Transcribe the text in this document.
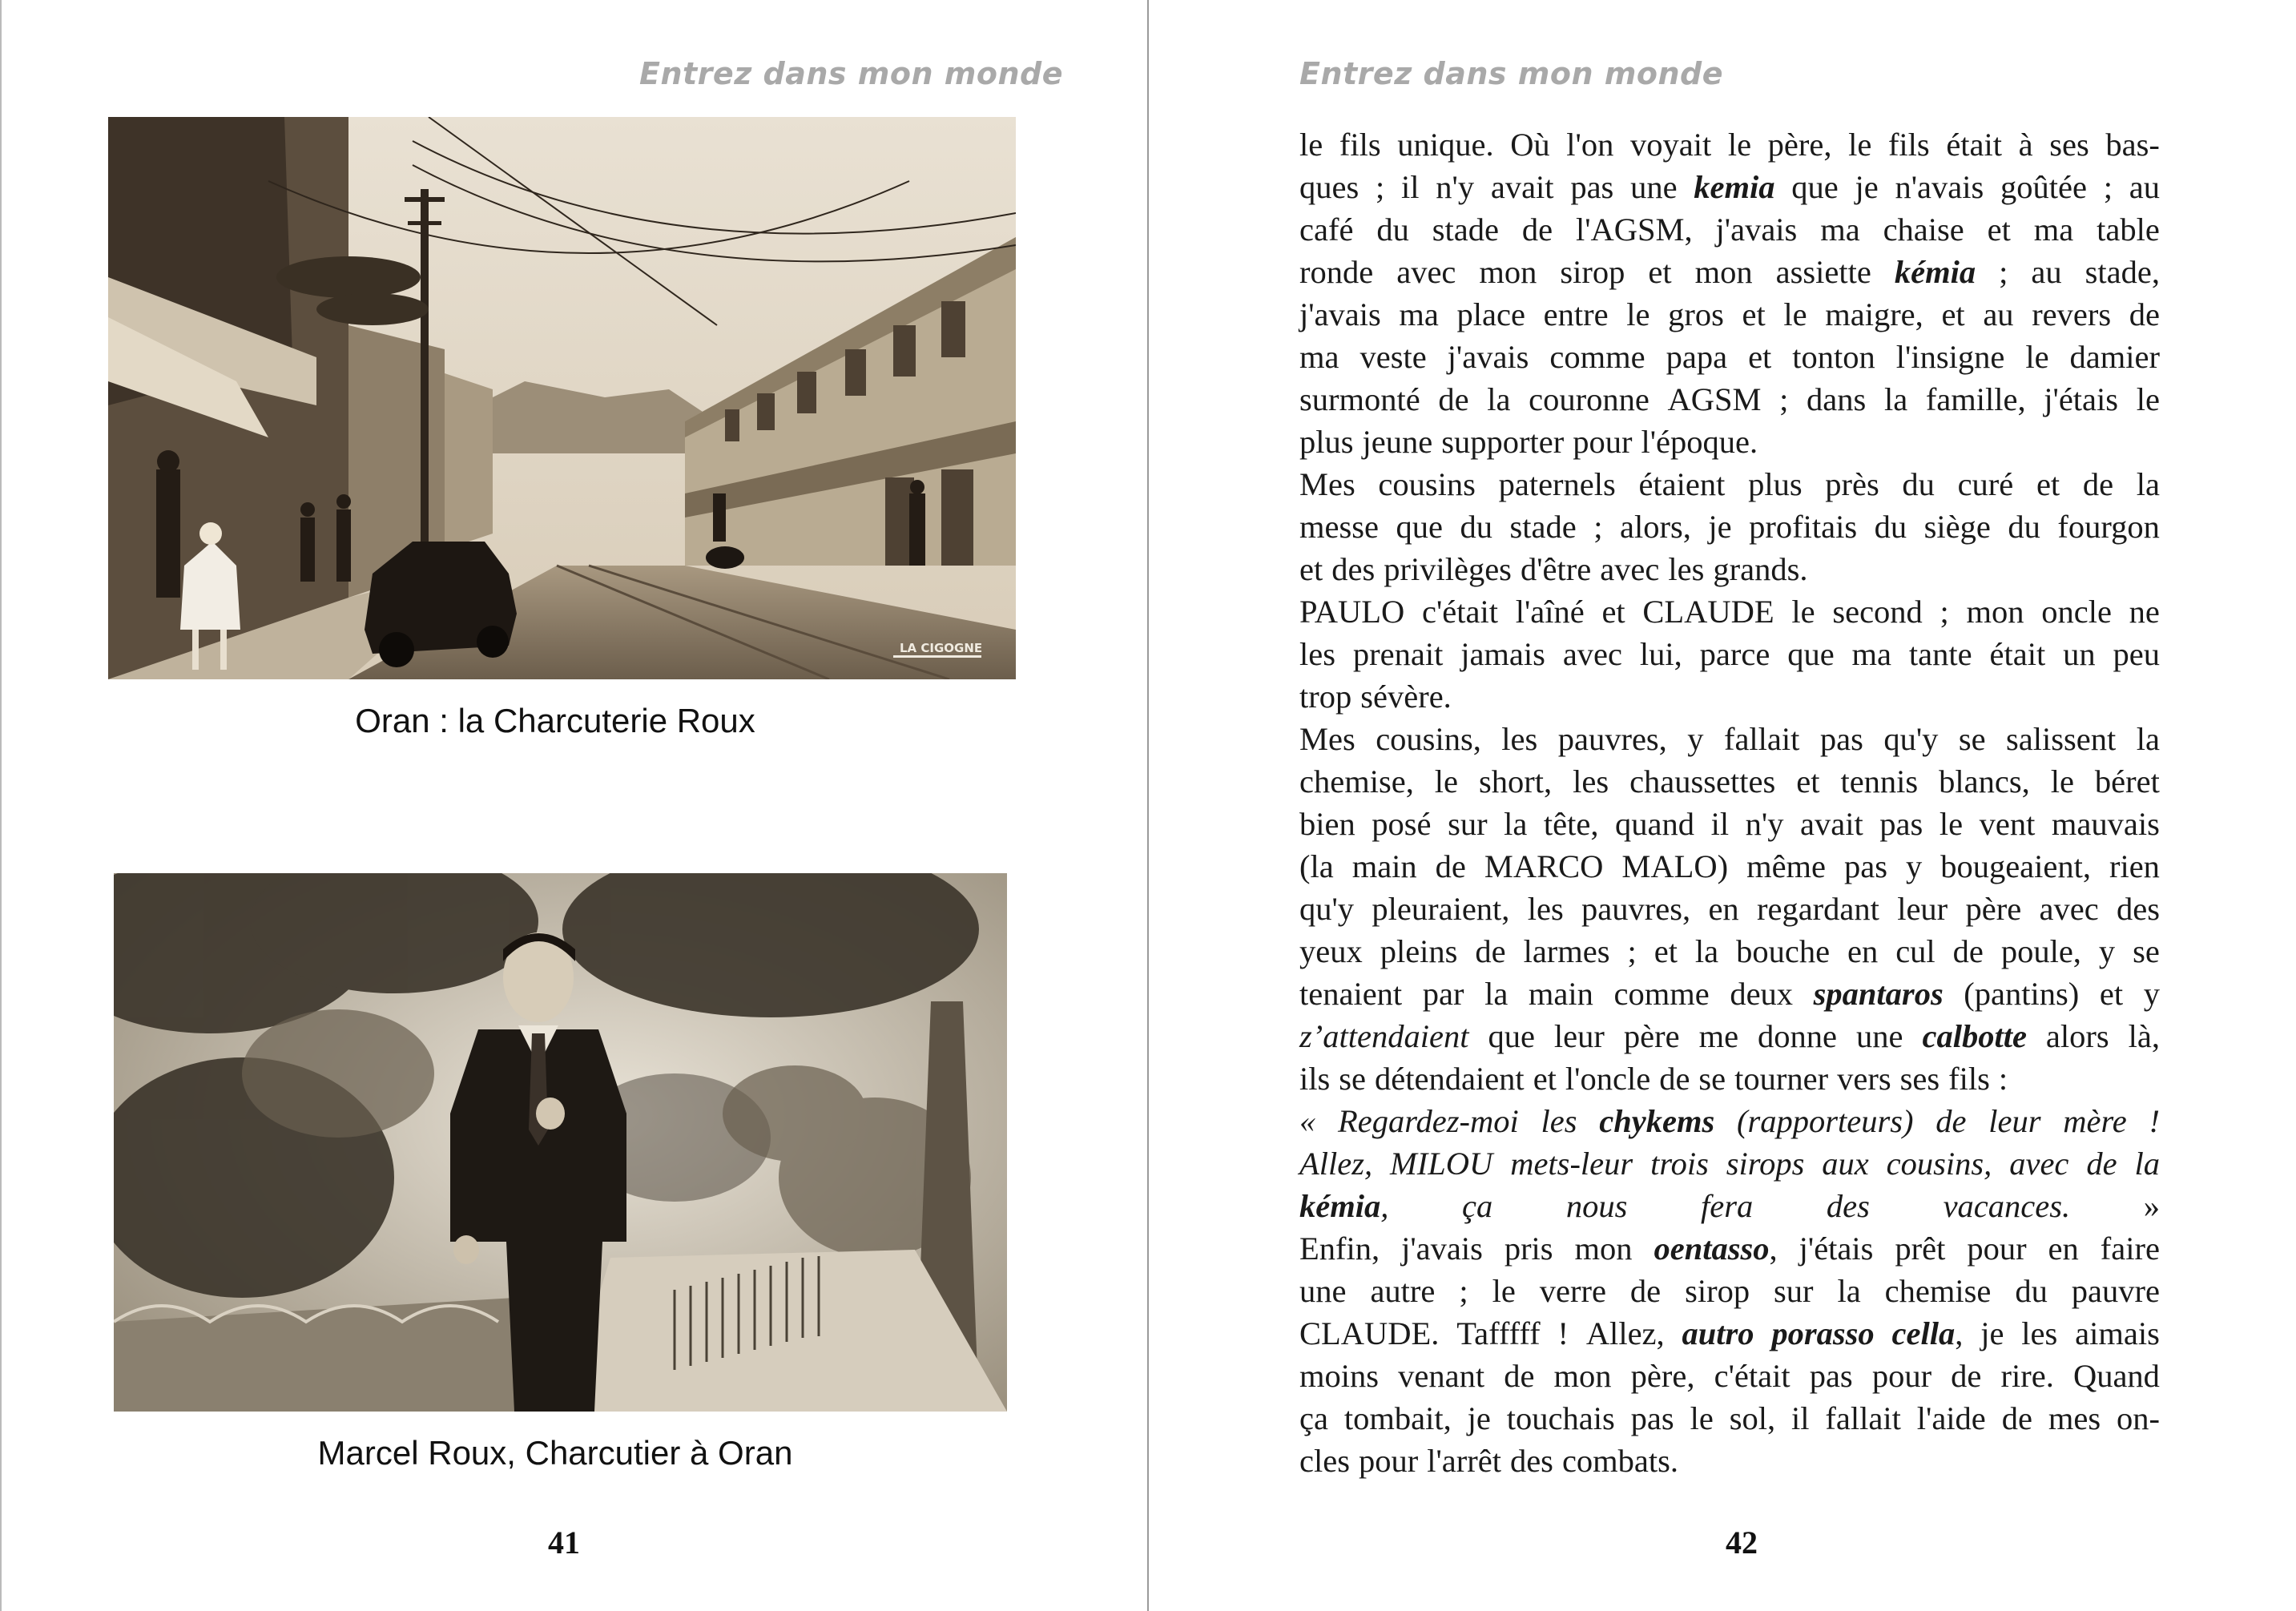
Entrez dans mon monde
LA CIGOGNE
Oran : la Charcuterie Roux
Marcel Roux, Charcutier à Oran
41
Entrez dans mon monde
le fils unique. Où l'on voyait le père, le fils était à ses bas-
ques ; il n'y avait pas une kemia que je n'avais goûtée ; au
café du stade de l'AGSM, j'avais ma chaise et ma table
ronde avec mon sirop et mon assiette kémia ; au stade,
j'avais ma place entre le gros et le maigre, et au revers de
ma veste j'avais comme papa et tonton l'insigne le damier
surmonté de la couronne AGSM ; dans la famille, j'étais le
plus jeune supporter pour l'époque.
Mes cousins paternels étaient plus près du curé et de la
messe que du stade ; alors, je profitais du siège du fourgon
et des privilèges d'être avec les grands.
PAULO c'était l'aîné et CLAUDE le second ; mon oncle ne
les prenait jamais avec lui, parce que ma tante était un peu
trop sévère.
Mes cousins, les pauvres, y fallait pas qu'y se salissent la
chemise, le short, les chaussettes et tennis blancs, le béret
bien posé sur la tête, quand il n'y avait pas le vent mauvais
(la main de MARCO MALO) même pas y bougeaient, rien
qu'y pleuraient, les pauvres, en regardant leur père avec des
yeux pleins de larmes ; et la bouche en cul de poule, y se
tenaient par la main comme deux spantaros (pantins) et y
z’attendaient que leur père me donne une calbotte alors là,
ils se détendaient et l'oncle de se tourner vers ses fils :
« Regardez-moi les chykems (rapporteurs) de leur mère !
Allez, MILOU mets-leur trois sirops aux cousins, avec de la
kémia, ça nous fera des vacances. »
Enfin, j'avais pris mon oentasso, j'étais prêt pour en faire
une autre ; le verre de sirop sur la chemise du pauvre
CLAUDE. Tafffff ! Allez, autro porasso cella, je les aimais
moins venant de mon père, c'était pas pour de rire. Quand
ça tombait, je touchais pas le sol, il fallait l'aide de mes on-
cles pour l'arrêt des combats.
42
